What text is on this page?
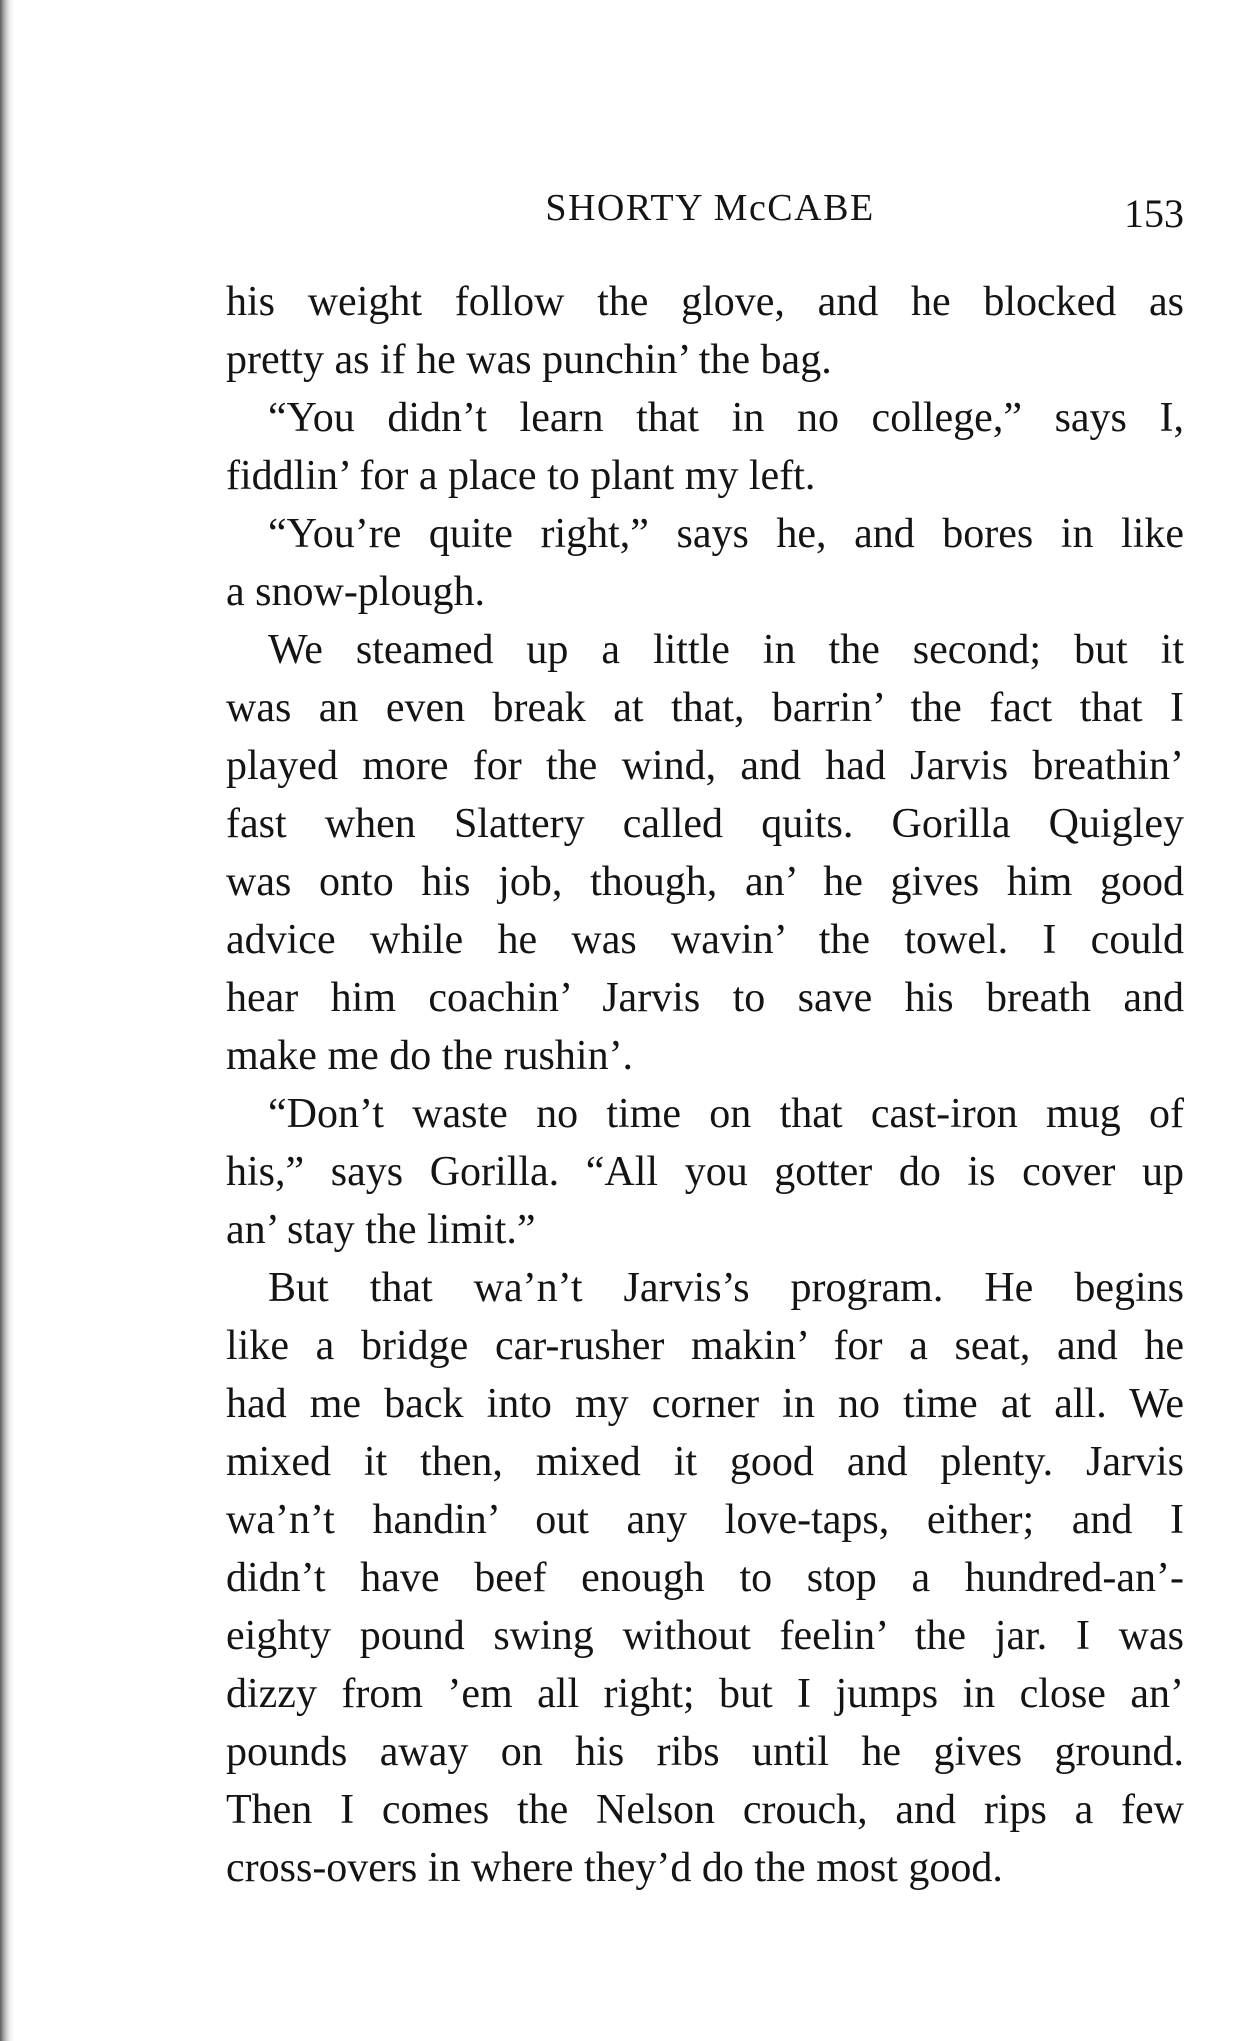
SHORTY McCABE	153
his weight follow the glove, and he blocked as
pretty as if he was punchin’ the bag.
“You didn’t learn that in no college,” says I,
fiddlin’ for a place to plant my left.
“You’re quite right,” says he, and bores in like
a snow-plough.
We steamed up a little in the second; but it
was an even break at that, barrin’ the fact that I
played more for the wind, and had Jarvis breathin’
fast when Slattery called quits. Gorilla Quigley
was onto his job, though, an’ he gives him good
advice while he was wavin’ the towel. I could
hear him coachin’ Jarvis to save his breath and
make me do the rushin’.
“Don’t waste no time on that cast-iron mug of
his,” says Gorilla. “All you gotter do is cover up
an’ stay the limit.”
But that wa’n’t Jarvis’s program. He begins
like a bridge car-rusher makin’ for a seat, and he
had me back into my corner in no time at all. We
mixed it then, mixed it good and plenty. Jarvis
wa’n’t handin’ out any love-taps, either; and I
didn’t have beef enough to stop a hundred-an’-
eighty pound swing without feelin’ the jar. I was
dizzy from ’em all right; but I jumps in close an’
pounds away on his ribs until he gives ground.
Then I comes the Nelson crouch, and rips a few
cross-overs in where they’d do the most good.
